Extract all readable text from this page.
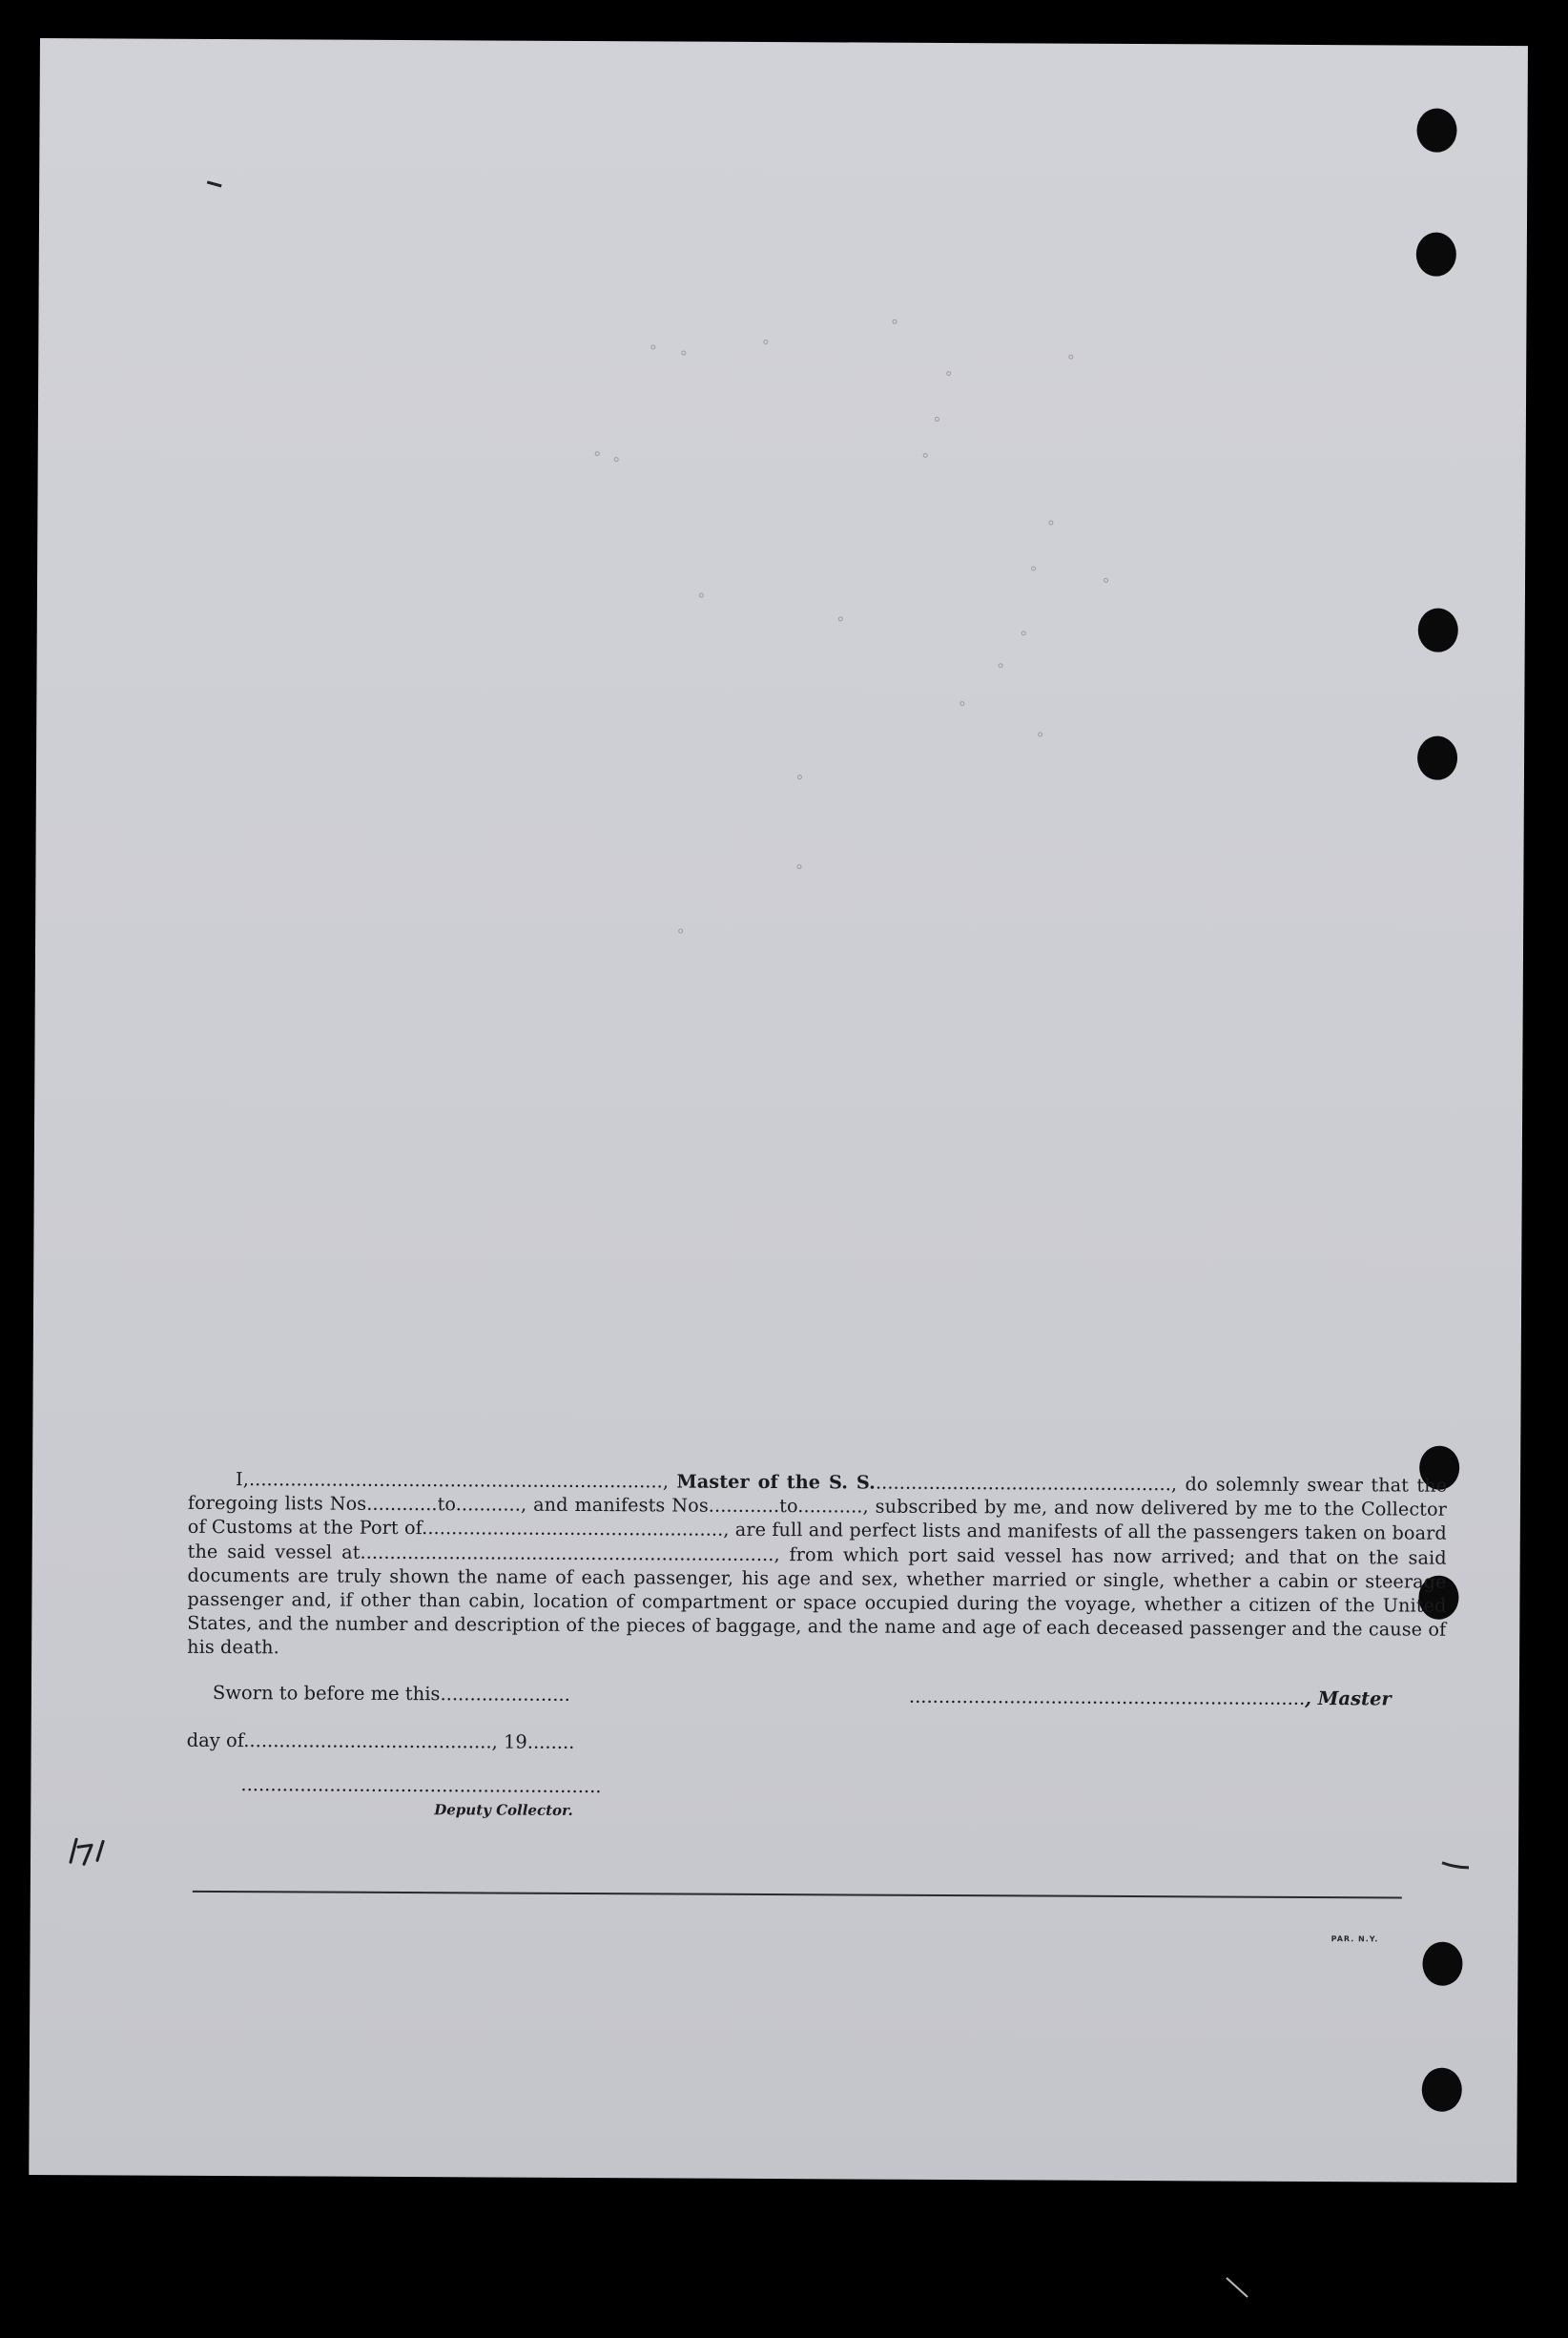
I,......................................................................, Master of the S. S..................................................., do solemnly swear that the foregoing lists Nos............to..........., and manifests Nos............to..........., subscribed by me, and now delivered by me to the Collector of Customs at the Port of..................................................., are full and perfect lists and manifests of all the passengers taken on board the said vessel at......................................................................, from which port said vessel has now arrived; and that on the said documents are truly shown the name of each passenger, his age and sex, whether married or single, whether a cabin or steerage passenger and, if other than cabin, location of compartment or space occupied during the voyage, whether a citizen of the United States, and the number and description of the pieces of baggage, and the name and age of each deceased passenger and the cause of his death.
Sworn to before me this......................	..................................................................., Master
day of.........................................., 19........
.............................................................
Deputy Collector.
PAR. N.Y.
